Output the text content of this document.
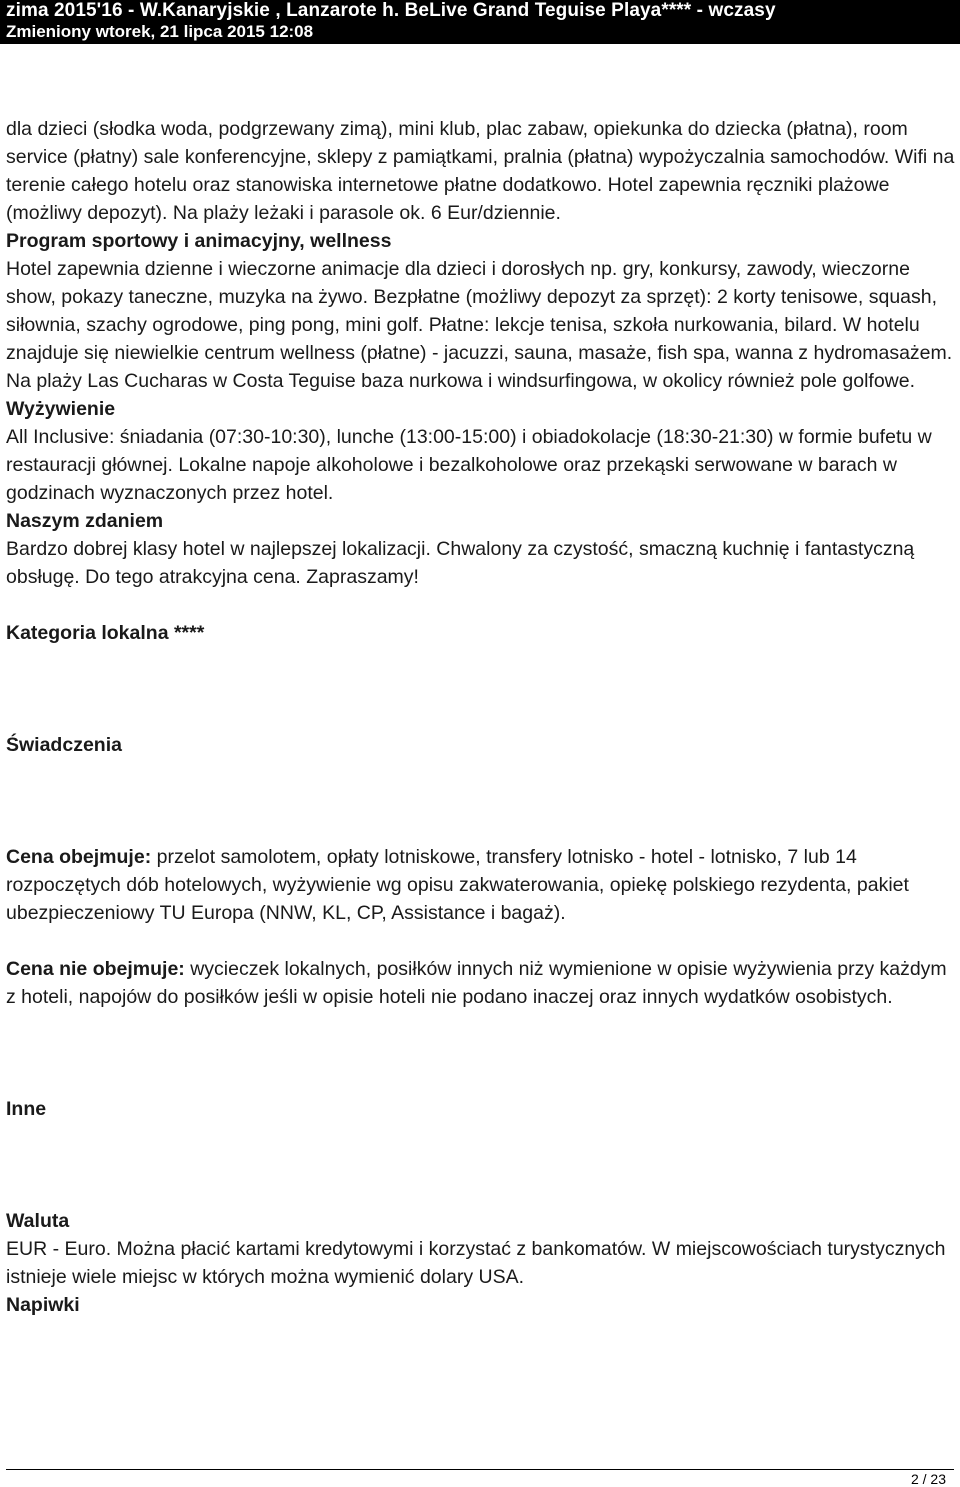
zima 2015'16 - W.Kanaryjskie , Lanzarote h. BeLive Grand Teguise Playa**** - wczasy
Zmieniony wtorek, 21 lipca 2015 12:08

dla dzieci (słodka woda, podgrzewany zimą), mini klub, plac zabaw, opiekunka do dziecka (płatna), room service (płatny) sale konferencyjne, sklepy z pamiątkami, pralnia (płatna) wypożyczalnia samochodów. Wifi na terenie całego hotelu oraz stanowiska internetowe płatne dodatkowo. Hotel zapewnia ręczniki plażowe (możliwy depozyt). Na plaży leżaki i parasole ok. 6 Eur/dziennie.

Program sportowy i animacyjny, wellness

Hotel zapewnia dzienne i wieczorne animacje dla dzieci i dorosłych np. gry, konkursy, zawody, wieczorne show, pokazy taneczne, muzyka na żywo. Bezpłatne (możliwy depozyt za sprzęt): 2 korty tenisowe, squash, siłownia, szachy ogrodowe, ping pong, mini golf. Płatne: lekcje tenisa, szkoła nurkowania, bilard. W hotelu znajduje się niewielkie centrum wellness (płatne) - jacuzzi, sauna, masaże, fish spa, wanna z hydromasażem. Na plaży Las Cucharas w Costa Teguise baza nurkowa i windsurfingowa, w okolicy również pole golfowe.

Wyżywienie

All Inclusive: śniadania (07:30-10:30), lunche (13:00-15:00) i obiadokolacje (18:30-21:30) w formie bufetu w restauracji głównej. Lokalne napoje alkoholowe i bezalkoholowe oraz przekąski serwowane w barach w godzinach wyznaczonych przez hotel.

Naszym zdaniem

Bardzo dobrej klasy hotel w najlepszej lokalizacji. Chwalony za czystość, smaczną kuchnię i fantastyczną obsługę. Do tego atrakcyjna cena. Zapraszamy!

Kategoria lokalna ****
Świadczenia

Cena obejmuje: przelot samolotem, opłaty lotniskowe, transfery lotnisko - hotel - lotnisko, 7 lub 14 rozpoczętych dób hotelowych, wyżywienie wg opisu zakwaterowania, opiekę polskiego rezydenta, pakiet ubezpieczeniowy TU Europa (NNW, KL, CP, Assistance i bagaż).

Cena nie obejmuje: wycieczek lokalnych, posiłków innych niż wymienione w opisie wyżywienia przy każdym z hoteli, napojów do posiłków jeśli w opisie hoteli nie podano inaczej oraz innych wydatków osobistych.

Inne
Waluta

EUR - Euro. Można płacić kartami kredytowymi i korzystać z bankomatów. W miejscowościach turystycznych istnieje wiele miejsc w których można wymienić dolary USA.

Napiwki
2 / 23
